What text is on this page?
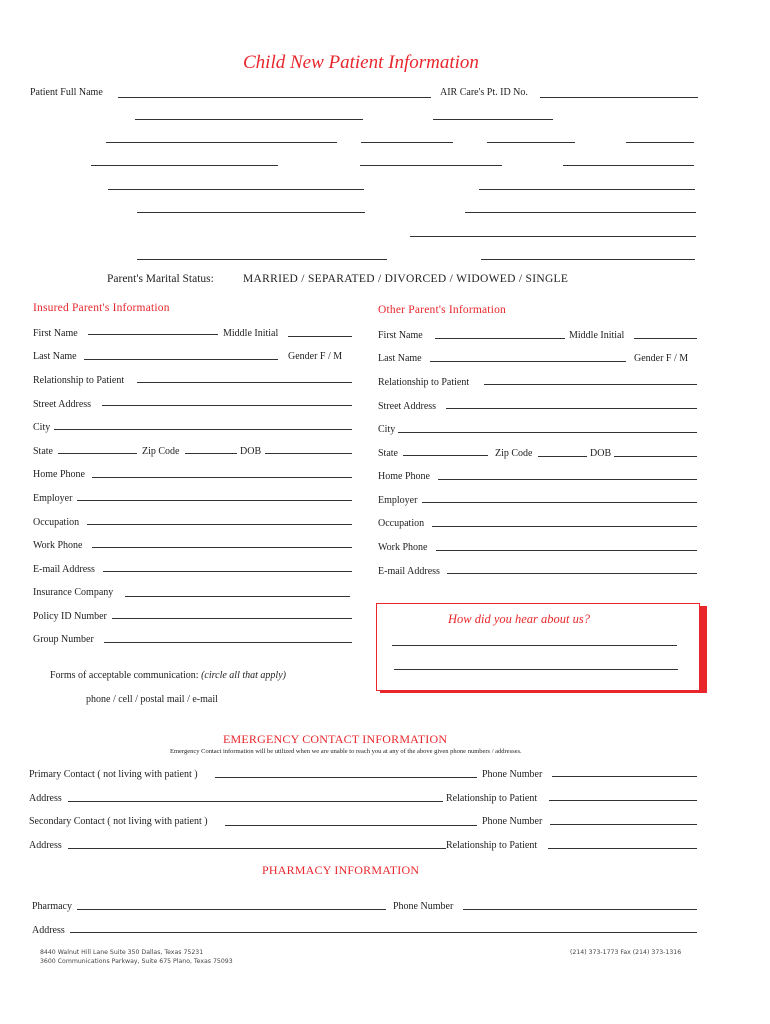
Child New Patient Information
Patient Full Name	AIR Care's Pt. ID No.
Parent's Marital Status:	MARRIED / SEPARATED / DIVORCED / WIDOWED / SINGLE
Insured Parent's Information
First Name	Middle Initial
Last Name	Gender F / M
Relationship to Patient
Street Address
City
State	Zip Code	DOB
Home Phone
Employer
Occupation
Work Phone
E-mail Address
Insurance Company
Policy ID Number
Group Number
Other Parent's Information
First Name	Middle Initial
Last Name	Gender F / M
Relationship to Patient
Street Address
City
State	Zip Code	DOB
Home Phone
Employer
Occupation
Work Phone
E-mail Address
How did you hear about us?
Forms of acceptable communication: (circle all that apply)
phone / cell / postal mail / e-mail
EMERGENCY CONTACT INFORMATION
Emergency Contact information will be utilized when we are unable to reach you at any of the above given phone numbers / addresses.
Primary Contact ( not living with patient )	Phone Number
Address	Relationship to Patient
Secondary Contact ( not living with patient )	Phone Number
Address	Relationship to Patient
PHARMACY INFORMATION
Pharmacy	Phone Number
Address
8440 Walnut Hill Lane Suite 350 Dallas, Texas 75231
3600 Communications Parkway, Suite 675 Plano, Texas 75093
(214) 373-1773 Fax (214) 373-1316
